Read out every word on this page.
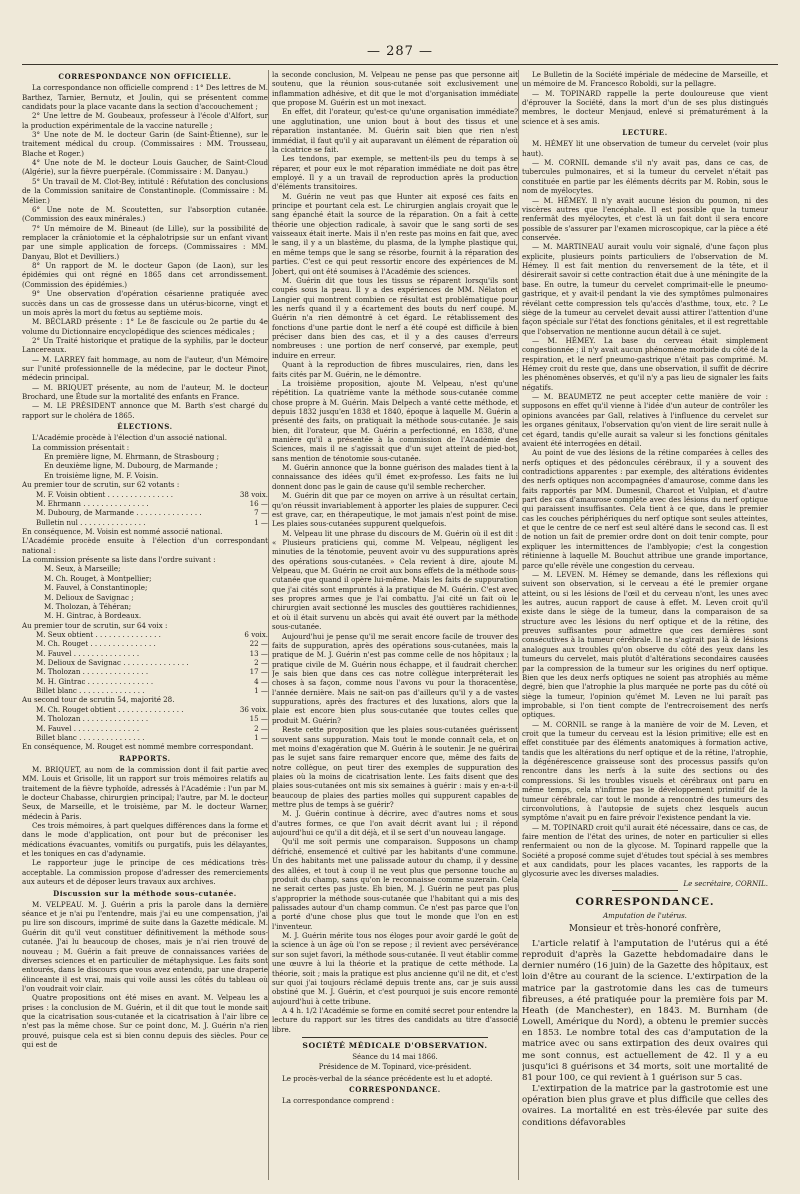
— 287 —
CORRESPONDANCE NON OFFICIELLE.

La correspondance non officielle comprend : 1° Des lettres de M. Barthez, Tarnier, Bernutz, et Joulin, qui se présentent comme candidats pour la place vacante dans la section d'accouchement ;

2° Une lettre de M. Goubeaux, professeur à l'école d'Alfort, sur la production expérimentale de la vaccine naturelle ;

3° Une note de M. le docteur Garin (de Saint-Étienne), sur le traitement médical du croup. (Commissaires : MM. Trousseau, Blache et Roger.)

4° Une note de M. le docteur Louis Gaucher, de Saint-Cloud (Algérie), sur la fièvre puerpérale. (Commissaire : M. Danyau.)

5° Un travail de M. Clot-Bey, intitulé : Réfutation des conclusions de la Commission sanitaire de Constantinople. (Commissaire : M. Mélier.)

6° Une note de M. Scoutetten, sur l'absorption cutanée. (Commission des eaux minérales.)

7° Un mémoire de M. Bineaut (de Lille), sur la possibilité de remplacer la crâniotomie et la céphalotripsie sur un enfant vivant par une simple application de forceps. (Commissaires : MM. Danyau, Blot et Devilliers.)

8° Un rapport de M. le docteur Gapon (de Laon), sur les épidémies qui ont régné en 1865 dans cet arrondissement. (Commission des épidémies.)

9° Une observation d'opération césarienne pratiquée avec succès dans un cas de grossesse dans un utérus-bicorne, vingt et un mois après la mort du fœtus au septième mois.

M. BÉCLARD présente : 1° Le 8e fascicule ou 2e partie du 4e volume du Dictionnaire encyclopédique des sciences médicales ;

2° Un Traité historique et pratique de la syphilis, par le docteur Lancereaux.

— M. LARREY fait hommage, au nom de l'auteur, d'un Mémoire sur l'unité professionnelle de la médecine, par le docteur Pinot, médecin principal.

— M. BRIQUET présente, au nom de l'auteur, M. le docteur Brochard, une Étude sur la mortalité des enfants en France.

— M. LE PRÉSIDENT annonce que M. Barth s'est chargé du rapport sur le choléra de 1865.

ÉLECTIONS.

L'Académie procède à l'élection d'un associé national.

La commission présentait :

En première ligne, M. Ehrmann, de Strasbourg ;

En deuxième ligne, M. Dubourg, de Marmande ;

En troisième ligne, M. F. Voisin.

Au premier tour de scrutin, sur 62 votants :

M. F. Voisin obtient . . .	38 voix.
M. Ehrmann . . .	16 —
M. Dubourg, de Marmande . . .	7 —
Bulletin nul . . .	1 —

En conséquence, M. Voisin est nommé associé national.

L'Académie procède ensuite à l'élection d'un correspondant national :

La commission présente sa liste dans l'ordre suivant :

M. Seux, à Marseille;

M. Ch. Rouget, à Montpellier;

M. Fauvel, à Constantinople;

M. Delioux de Savignac ;

M. Tholozan, à Téhéran;

M. H. Gintrac, à Bordeaux.

Au premier tour de scrutin, sur 64 voix :

M. Seux obtient . . .	6 voix.
M. Ch. Rouget . . .	22 —
M. Fauvel . . .	13 —
M. Delioux de Savignac . . .	2 —
M. Tholozan . . .	17 —
M. H. Gintrac . . .	4 —
Billet blanc . . .	1 —

Au second tour de scrutin 54, majorité 28.

M. Ch. Rouget obtient . . .	36 voix.
M. Tholozan . . .	15 —
M. Fauvel . . .	2 —
Billet blanc . . .	1 —

En conséquence, M. Rouget est nommé membre correspondant.

RAPPORTS.

M. BRIQUET, au nom de la commission dont il fait partie avec MM. Louis et Grisolle, lit un rapport sur trois mémoires relatifs au traitement de la fièvre typhoïde, adressés à l'Académie : l'un par M. le docteur Chabasse, chirurgien principal; l'autre, par M. le docteur Seux, de Marseille, et le troisième, par M. le docteur Warner, médecin à Paris.

Ces trois mémoires, à part quelques différences dans la forme et dans le mode d'application, ont pour but de préconiser les médications évacuantes, vomitifs ou purgatifs, puis les délayantes, et les toniques en cas d'adynamie.

Le rapporteur juge le principe de ces médications très-acceptable. La commission propose d'adresser des remerciements aux auteurs et de déposer leurs travaux aux archives.

Discussion sur la méthode sous-cutanée.

M. VELPEAU. M. J. Guérin a pris la parole dans la dernière séance et je n'ai pu l'entendre, mais j'ai eu une compensation, j'ai pu lire son discours, imprimé de suite dans la Gazette médicale. M. Guérin dit qu'il veut constituer définitivement la méthode sous-cutanée. J'ai lu beaucoup de choses, mais je n'ai rien trouvé de nouveau ; M. Guérin a fait preuve de connaissances variées de diverses sciences et en particulier de métaphysique. Les faits sont entourés, dans le discours que vous avez entendu, par une draperie élinceante il est vrai, mais qui voile aussi les côtés du tableau où l'on voudrait voir clair.

Quatre propositions ont été mises en avant. M. Velpeau les a prises : la conclusion de M. Guérin, et il dit que tout le monde sait que la cicatrisation sous-cutanée et la cicatrisation à l'air libre ce n'est pas la même chose. Sur ce point donc, M. J. Guérin n'a rien prouvé, puisque cela est si bien connu depuis des siècles. Pour ce qui est de

la seconde conclusion, M. Velpeau ne pense pas que personne ait soutenu, que la réunion sous-cutanée soit exclusivement une inflammation adhésive, et dit que le mot d'organisation immédiate que propose M. Guérin est un mot inexact.

En effet, dit l'orateur, qu'est-ce qu'une organisation immédiate? une agglutination, une union bout à bout des tissus et une réparation instantanée. M. Guérin sait bien que rien n'est immédiat, il faut qu'il y ait auparavant un élément de réparation où la cicatrice se fait.

Les tendons, par exemple, se mettent-ils peu du temps à se réparer, et pour eux le mot réparation immédiate ne doit pas être employé. Il y a un travail de reproduction après la production d'éléments transitoires.

M. Guérin ne veut pas que Hunter ait exposé ces faits en principe et pourtant cela est. Le chirurgien anglais croyait que le sang épanché était la source de la réparation. On a fait à cette théorie une objection radicale, à savoir que le sang sorti de ses vaisseaux était inerte. Mais il n'en reste pas moins en fait que, avec le sang, il y a un blastème, du plasma, de la lymphe plastique qui, en même temps que le sang se résorbe, fournit à la réparation des parties. C'est ce qui peut ressortir encore des expériences de M. Jobert, qui ont été soumises à l'Académie des sciences.

M. Guérin dit que tous les tissus se réparent lorsqu'ils sont coupés sous la peau. Il y a des expériences de MM. Nélaton et Langier qui montrent combien ce résultat est problématique pour les nerfs quand il y a écartement des bouts du nerf coupé. M. Guérin n'a rien démontré à cet égard. Le rétablissement des fonctions d'une partie dont le nerf a été coupé est difficile à bien préciser dans bien des cas, et il y a des causes d'erreurs nombreuses : une portion de nerf conservé, par exemple, peut induire en erreur.

Quant à la reproduction de fibres musculaires, rien, dans les faits cités par M. Guérin, ne le démontre.

La troisième proposition, ajoute M. Velpeau, n'est qu'une répétition. La quatrième vante la méthode sous-cutanée comme chose propre à M. Guérin. Mais Delpech a vanté cette méthode, et depuis 1832 jusqu'en 1838 et 1840, époque à laquelle M. Guérin a présenté des faits, on pratiquait la méthode sous-cutanée. Je sais bien, dit l'orateur, que M. Guérin a perfectionné, en 1838, d'une manière qu'il a présentée à la commission de l'Académie des Sciences, mais il ne s'agissait que d'un sujet atteint de pied-bot, sans mention de ténotomie sous-cutanée.

M. Guérin annonce que la bonne guérison des malades tient à la connaissance des idées qu'il émet ex-professo. Les faits ne lui donnent donc pas le gain de cause qu'il semble rechercher.

M. Guérin dit que par ce moyen on arrive à un résultat certain, qu'on réussit invariablement à apporter les plaies de suppurer. Ceci est grave, car, en thérapeutique, le mot jamais n'est point de mise. Les plaies sous-cutanées suppurent quelquefois.

M. Velpeau lit une phrase du discours de M. Guérin où il est dit : « Plusieurs praticiens qui, comme M. Velpeau, négligent les minuties de la ténotomie, peuvent avoir vu des suppurations après des opérations sous-cutanées. » Cela revient à dire, ajoute M. Velpeau, que M. Guérin ne croit aux bons effets de la méthode sous-cutanée que quand il opère lui-même. Mais les faits de suppuration que j'ai cités sont empruntés à la pratique de M. Guérin. C'est avec ses propres armes que je l'ai combattu. J'ai cité un fait où le chirurgien avait sectionné les muscles des gouttières rachidiennes, et où il était survenu un abcès qui avait été ouvert par la méthode sous-cutanée.

Aujourd'hui je pense qu'il me serait encore facile de trouver des faits de suppuration, après des opérations sous-cutanées, mais la pratique de M. J. Guérin n'est pas comme celle de nos hôpitaux ; la pratique civile de M. Guérin nous échappe, et il faudrait chercher. Je sais bien que dans ces cas notre collègue interpréterait les choses à sa façon, comme nous l'avons vu pour la thoracentèse, l'année dernière. Mais ne sait-on pas d'ailleurs qu'il y a de vastes suppurations, après des fractures et des luxations, alors que la plaie est encore bien plus sous-cutanée que toutes celles que produit M. Guérin?

Reste cette proposition que les plaies sous-cutanées guérissent souvent sans suppuration. Mais tout le monde connaît cela, et on met moins d'exagération que M. Guérin à le soutenir. Je ne guérirai pas le sujet sans faire remarquer encore que, même des faits de notre collègue, on peut tirer des exemples de suppuration des plaies où la moins de cicatrisation lente. Les faits disent que des plaies sous-cutanées ont mis six semaines à guérir : mais y en-a-t-il beaucoup de plaies des parties molles qui suppurent capables de mettre plus de temps à se guérir?

M. J. Guérin continue à décrire, avec d'autres noms et sous d'autres formes, ce que l'on avait décrit avant lui ; il répond aujourd'hui ce qu'il a dit déjà, et il se sert d'un nouveau langage.

Qu'il me soit permis une comparaison. Supposons un champ défriché, ensemencé et cultivé par les habitants d'une commune. Un des habitants met une palissade autour du champ, il y dessine des allées, et tout à coup il ne veut plus que personne touche au produit du champ, sans qu'on le reconnaisse comme suzerain. Cela ne serait certes pas juste. Eh bien, M. J. Guérin ne peut pas plus s'approprier la méthode sous-cutanée que l'habitant qui a mis des palissades autour d'un champ commun. Ce n'est pas parce que l'on a porté d'une chose plus que tout le monde que l'on en est l'inventeur.

M. J. Guérin mérite tous nos éloges pour avoir gardé le goût de la science à un âge où l'on se repose ; il revient avec persévérance sur son sujet favori, la méthode sous-cutanée. Il veut établir comme une œuvre à lui la théorie et la pratique de cette méthode. La théorie, soit ; mais la pratique est plus ancienne qu'il ne dit, et c'est sur quoi j'ai toujours réclamé depuis trente ans, car je suis aussi obstiné que M. J. Guérin, et c'est pourquoi je suis encore remonté aujourd'hui à cette tribune.

A 4 h. 1/2 l'Académie se forme en comité secret pour entendre la lecture du rapport sur les titres des candidats au titre d'associé libre.

SOCIÉTÉ MÉDICALE D'OBSERVATION.
Séance du 14 mai 1866.
Présidence de M. Topinard, vice-président.

Le procès-verbal de la séance précédente est lu et adopté.

CORRESPONDANCE.

La correspondance comprend :

Le Bulletin de la Société impériale de médecine de Marseille, et un mémoire de M. Francesco Roboldi, sur la pellagre.

— M. TOPINARD rappelle la perte douloureuse que vient d'éprouver la Société, dans la mort d'un de ses plus distingués membres, le docteur Menjaud, enlevé si prématurément à la science et à ses amis.

LECTURE.

M. HÉMEY lit une observation de tumeur du cervelet (voir plus haut).

— M. CORNIL demande s'il n'y avait pas, dans ce cas, de tubercules pulmonaires, et si la tumeur du cervelet n'était pas constituée en partie par les éléments décrits par M. Robin, sous le nom de myélocytes.

— M. HÉMEY. Il n'y avait aucune lésion du poumon, ni des viscères autres que l'encéphale. Il est possible que la tumeur renfermât des myélocytes, et c'est là un fait dont il sera encore possible de s'assurer par l'examen microscopique, car la pièce a été conservée.

— M. MARTINEAU aurait voulu voir signalé, d'une façon plus explicite, plusieurs points particuliers de l'observation de M. Hémey. Il est fait mention du renversement de la tête, et il désirerait savoir si cette contraction était due à une méningite de la base. En outre, la tumeur du cervelet comprimait-elle le pneumo-gastrique, et y avait-il pendant la vie des symptômes pulmonaires révélant cette compression tels qu'accès d'asthme, toux, etc. ? Le siège de la tumeur au cervelet devait aussi attirer l'attention d'une façon spéciale sur l'état des fonctions génitales, et il est regrettable que l'observation ne mentionne aucun détail à ce sujet.

— M. HÉMEY. La base du cerveau était simplement congestionnée ; il n'y avait aucun phénomène morbide du côté de la respiration, et le nerf pneumo-gastrique n'était pas comprimé. M. Hémey croit du reste que, dans une observation, il suffit de décrire les phénomènes observés, et qu'il n'y a pas lieu de signaler les faits négatifs.

— M. BEAUMETZ ne peut accepter cette manière de voir : supposons en effet qu'il vienne à l'idée d'un auteur de contrôler les opinions avancées par Gall, relatives à l'influence du cervelet sur les organes génitaux, l'observation qu'on vient de lire serait nulle à cet égard, tandis qu'elle aurait sa valeur si les fonctions génitales avaient été interrogées en détail.

Au point de vue des lésions de la rétine comparées à celles des nerfs optiques et des pédoncules cérébraux, il y a souvent des contradictions apparentes : par exemple, des altérations évidentes des nerfs optiques non accompagnées d'amaurose, comme dans les faits rapportés par MM. Dumesnil, Charcot et Vulpian, et d'autre part des cas d'amaurose complète avec des lésions du nerf optique qui paraissent insuffisantes. Cela tient à ce que, dans le premier cas les couches périphériques du nerf optique sont seules atteintes, et que le centre de ce nerf est seul altéré dans le second cas. Il est de notion un fait de premier ordre dont on doit tenir compte, pour expliquer les intermittences de l'amblyopie; c'est la congestion rétinienne à laquelle M. Bouchut attribue une grande importance, parce qu'elle révèle une congestion du cerveau.

— M. LEVEN. M. Hémey se demande, dans les réflexions qui suivent son observation, si le cerveau a été le premier organe atteint, ou si les lésions de l'œil et du cerveau n'ont, les unes avec les autres, aucun rapport de cause à effet. M. Leven croit qu'il existe dans le siège de la tumeur, dans la comparaison de sa structure avec les lésions du nerf optique et de la rétine, des preuves suffisantes pour admettre que ces dernières sont consécutives à la tumeur cérébrale. Il ne s'agirait pas là de lésions analogues aux troubles qu'on observe du côté des yeux dans les tumeurs du cervelet, mais plutôt d'altérations secondaires causées par la compression de la tumeur sur les origines du nerf optique. Bien que les deux nerfs optiques ne soient pas atrophiés au même degré, bien que l'atrophie la plus marquée ne porte pas du côté où siège la tumeur, l'opinion qu'émet M. Leven ne lui paraît pas improbable, si l'on tient compte de l'entrecroisement des nerfs optiques.

— M. CORNIL se range à la manière de voir de M. Leven, et croit que la tumeur du cerveau est la lésion primitive; elle est en effet constituée par des éléments anatomiques à formation active, tandis que les altérations du nerf optique et de la rétine, l'atrophie, la dégénérescence graisseuse sont des processus passifs qu'on rencontre dans les nerfs à la suite des sections ou des compressions. Si les troubles visuels et cérébraux ont paru en même temps, cela n'infirme pas le développement primitif de la tumeur cérébrale, car tout le monde a rencontré des tumeurs des circonvolutions, à l'autopsie de sujets chez lesquels aucun symptôme n'avait pu en faire prévoir l'existence pendant la vie.

— M. TOPINARD croit qu'il aurait été nécessaire, dans ce cas, de faire mention de l'état des urines, de noter en particulier si elles renfermaient ou non de la glycose. M. Topinard rappelle que la Société a proposé comme sujet d'études tout spécial à ses membres et aux candidats, pour les places vacantes, les rapports de la glycosurie avec les diverses maladies.

Le secrétaire, CORNIL.

CORRESPONDANCE.
Amputation de l'utérus.
Monsieur et très-honoré confrère,

L'article relatif à l'amputation de l'utérus qui a été reproduit d'après la Gazette hebdomadaire dans le dernier numéro (16 juin) de la Gazette des hôpitaux, est loin d'être au courant de la science. L'extirpation de la matrice par la gastrotomie dans les cas de tumeurs fibreuses, a été pratiquée pour la première fois par M. Heath (de Manchester), en 1843. M. Burnham (de Lowell, Amérique du Nord), a obtenu le premier succès en 1853. Le nombre total des cas d'amputation de la matrice avec ou sans extirpation des deux ovaires qui me sont connus, est actuellement de 42. Il y a eu jusqu'ici 8 guérisons et 34 morts, soit une mortalité de 81 pour 100, ce qui revient à 1 guérison sur 5 cas.

L'extirpation de la matrice par la gastrotomie est une opération bien plus grave et plus difficile que celles des ovaires. La mortalité en est très-élevée par suite des conditions défavorables
